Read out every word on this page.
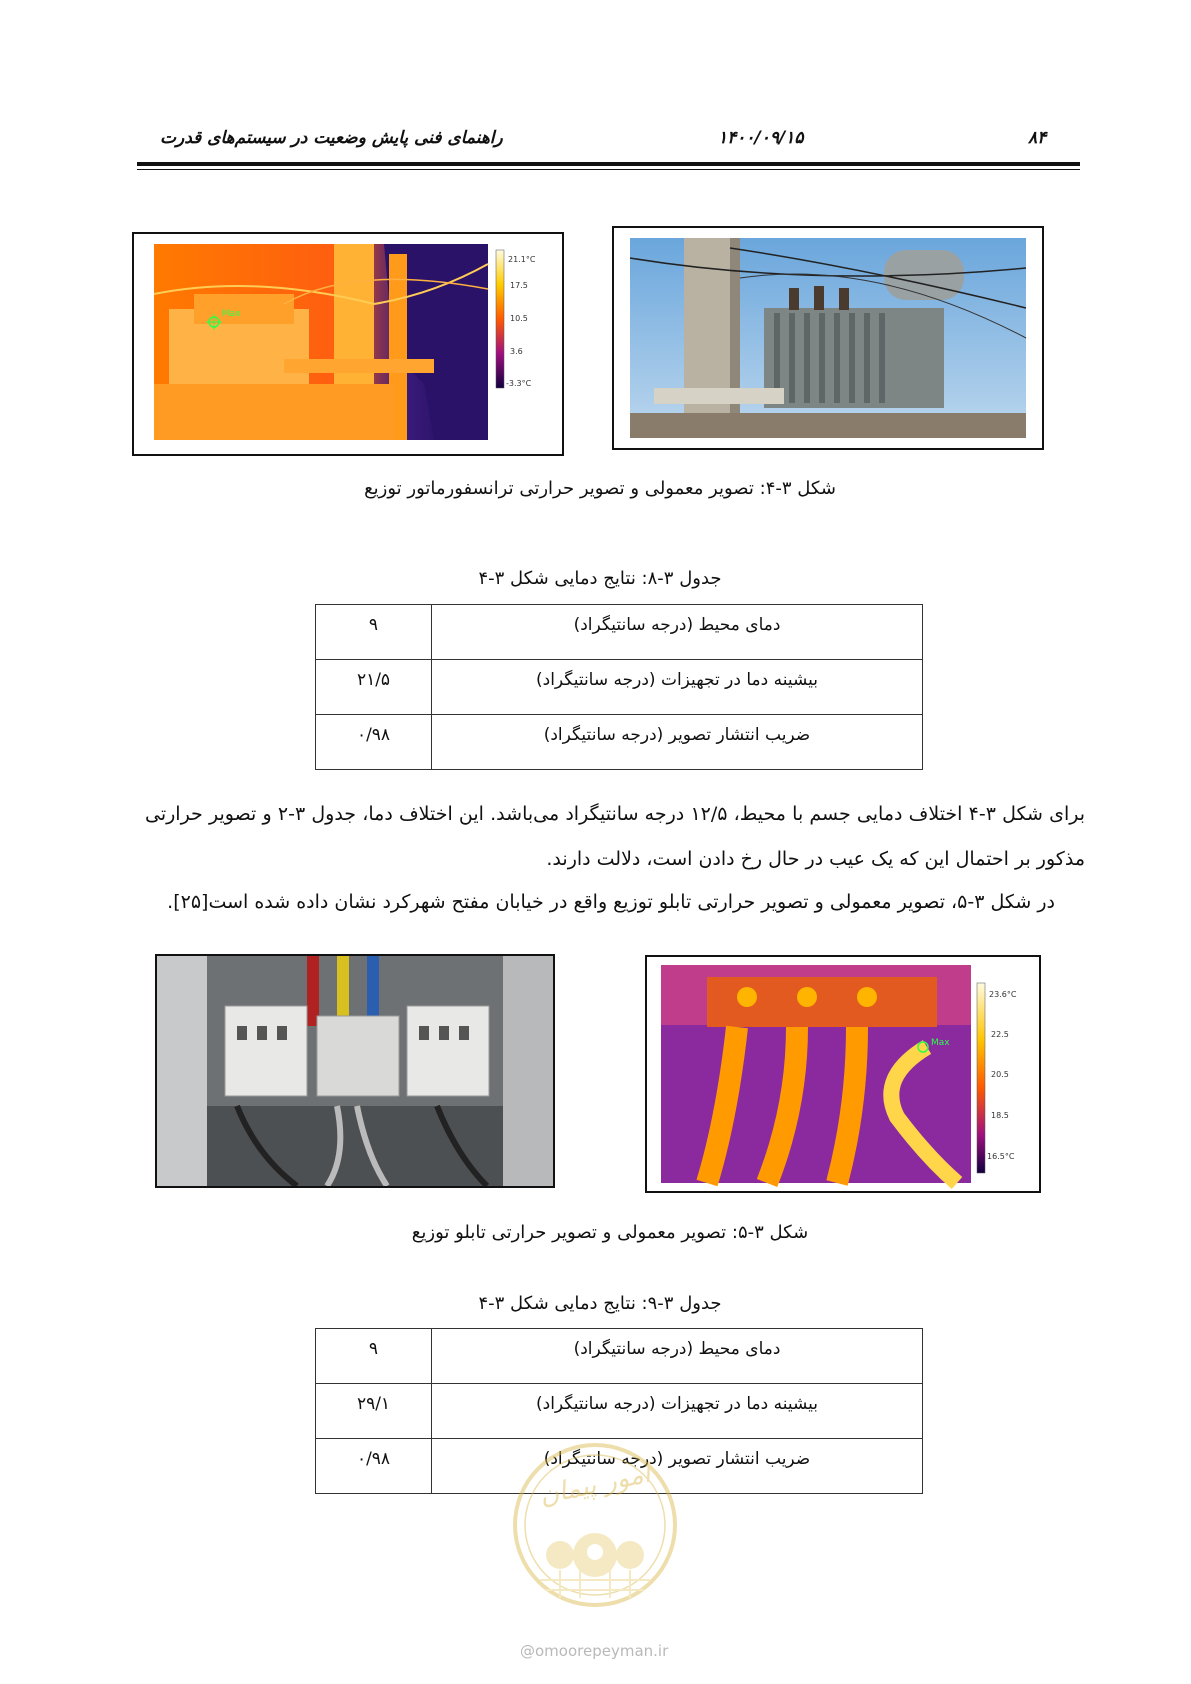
۸۴
۱۴۰۰/۰۹/۱۵
راهنمای فنی پایش وضعیت در سیستم‌های قدرت
Max
21.1°C
17.5
10.5
3.6
-3.3°C
شکل ۳-۴: تصویر معمولی و تصویر حرارتی ترانسفورماتور توزیع
جدول ۳-۸: نتایج دمایی شکل ۳-۴
دمای محیط (درجه سانتیگراد)	۹
بیشینه دما در تجهیزات (درجه سانتیگراد)	۲۱/۵
ضریب انتشار تصویر (درجه سانتیگراد)	۰/۹۸
برای شکل ۳-۴ اختلاف دمایی جسم با محیط، ۱۲/۵ درجه سانتیگراد می‌باشد. این اختلاف دما، جدول ۳-۲ و تصویر حرارتی مذکور بر احتمال این که یک عیب در حال رخ دادن است، دلالت دارند.
در شکل ۳-۵، تصویر معمولی و تصویر حرارتی تابلو توزیع واقع در خیابان مفتح شهرکرد نشان داده شده است[۲۵].
Max
23.6°C
22.5
20.5
18.5
16.5°C
شکل ۳-۵: تصویر معمولی و تصویر حرارتی تابلو توزیع
جدول ۳-۹: نتایج دمایی شکل ۳-۴
دمای محیط (درجه سانتیگراد)	۹
بیشینه دما در تجهیزات (درجه سانتیگراد)	۲۹/۱
ضریب انتشار تصویر (درجه سانتیگراد)	۰/۹۸	امور پیمان
@omoorepeyman.ir
